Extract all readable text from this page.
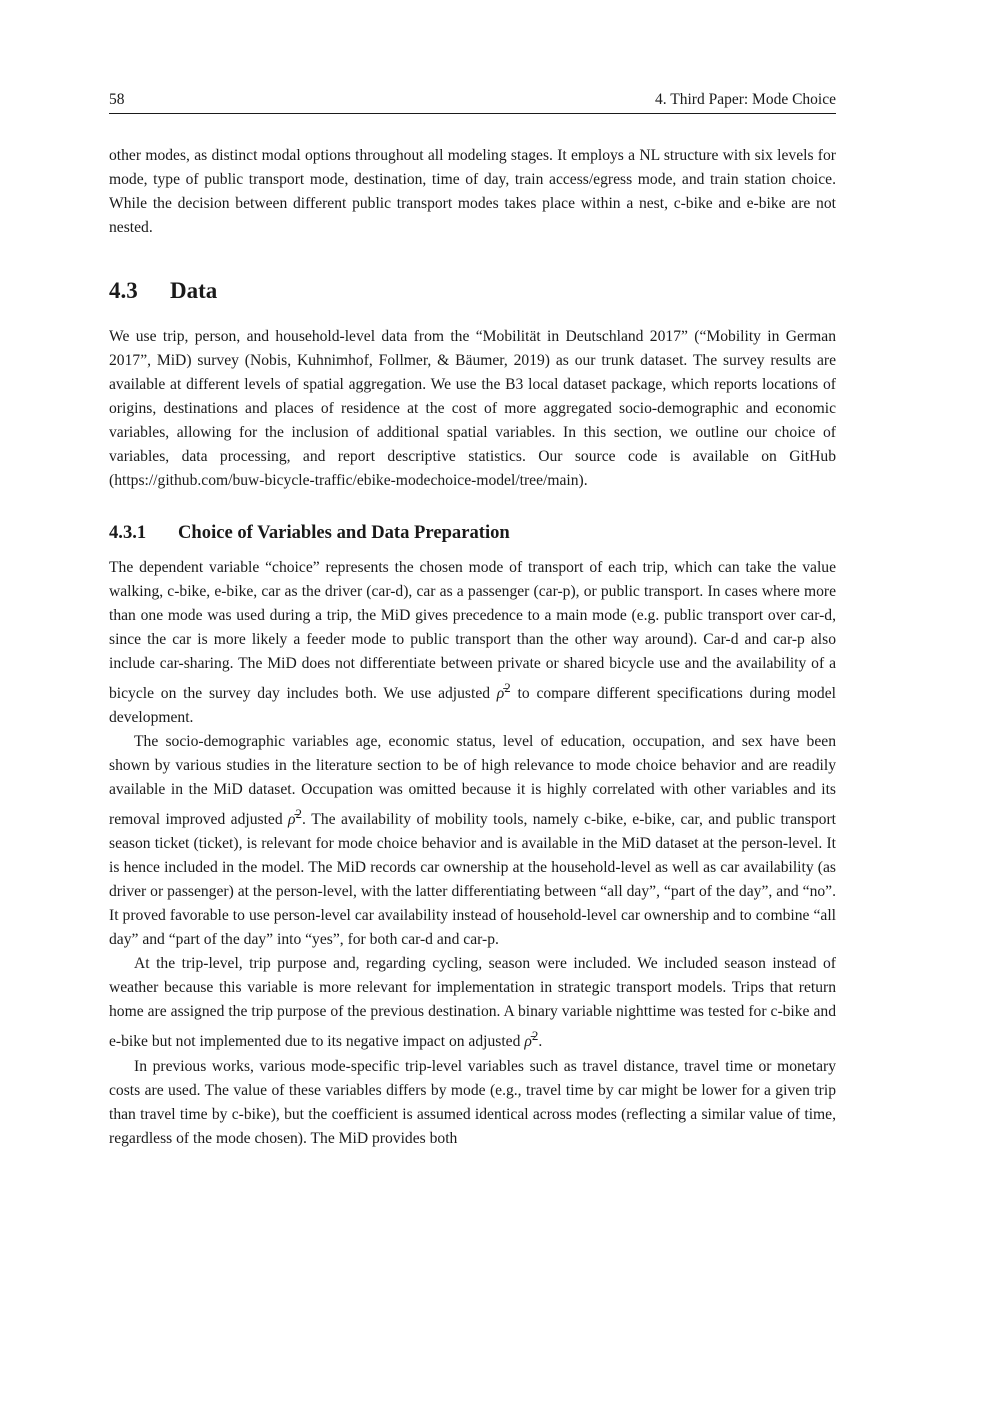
58	4. Third Paper: Mode Choice

other modes, as distinct modal options throughout all modeling stages. It employs a NL structure with six levels for mode, type of public transport mode, destination, time of day, train access/egress mode, and train station choice. While the decision between different public transport modes takes place within a nest, c-bike and e-bike are not nested.

4.3	Data

We use trip, person, and household-level data from the “Mobilität in Deutschland 2017” (“Mobility in German 2017”, MiD) survey (Nobis, Kuhnimhof, Follmer, & Bäumer, 2019) as our trunk dataset. The survey results are available at different levels of spatial aggregation. We use the B3 local dataset package, which reports locations of origins, destinations and places of residence at the cost of more aggregated socio-demographic and economic variables, allowing for the inclusion of additional spatial variables. In this section, we outline our choice of variables, data processing, and report descriptive statistics. Our source code is available on GitHub (https://github.com/buw-bicycle-traffic/ebike-modechoice-model/tree/main).

4.3.1	Choice of Variables and Data Preparation

The dependent variable “choice” represents the chosen mode of transport of each trip, which can take the value walking, c-bike, e-bike, car as the driver (car-d), car as a passenger (car-p), or public transport. In cases where more than one mode was used during a trip, the MiD gives precedence to a main mode (e.g. public transport over car-d, since the car is more likely a feeder mode to public transport than the other way around). Car-d and car-p also include car-sharing. The MiD does not differentiate between private or shared bicycle use and the availability of a bicycle on the survey day includes both. We use adjusted ρ̄$^2$ to compare different specifications during model development.

The socio-demographic variables age, economic status, level of education, occupation, and sex have been shown by various studies in the literature section to be of high relevance to mode choice behavior and are readily available in the MiD dataset. Occupation was omitted because it is highly correlated with other variables and its removal improved adjusted ρ̄$^2$. The availability of mobility tools, namely c-bike, e-bike, car, and public transport season ticket (ticket), is relevant for mode choice behavior and is available in the MiD dataset at the person-level. It is hence included in the model. The MiD records car ownership at the household-level as well as car availability (as driver or passenger) at the person-level, with the latter differentiating between “all day”, “part of the day”, and “no”. It proved favorable to use person-level car availability instead of household-level car ownership and to combine “all day” and “part of the day” into “yes”, for both car-d and car-p.

At the trip-level, trip purpose and, regarding cycling, season were included. We included season instead of weather because this variable is more relevant for implementation in strategic transport models. Trips that return home are assigned the trip purpose of the previous destination. A binary variable nighttime was tested for c-bike and e-bike but not implemented due to its negative impact on adjusted ρ̄$^2$.

In previous works, various mode-specific trip-level variables such as travel distance, travel time or monetary costs are used. The value of these variables differs by mode (e.g., travel time by car might be lower for a given trip than travel time by c-bike), but the coefficient is assumed identical across modes (reflecting a similar value of time, regardless of the mode chosen). The MiD provides both
